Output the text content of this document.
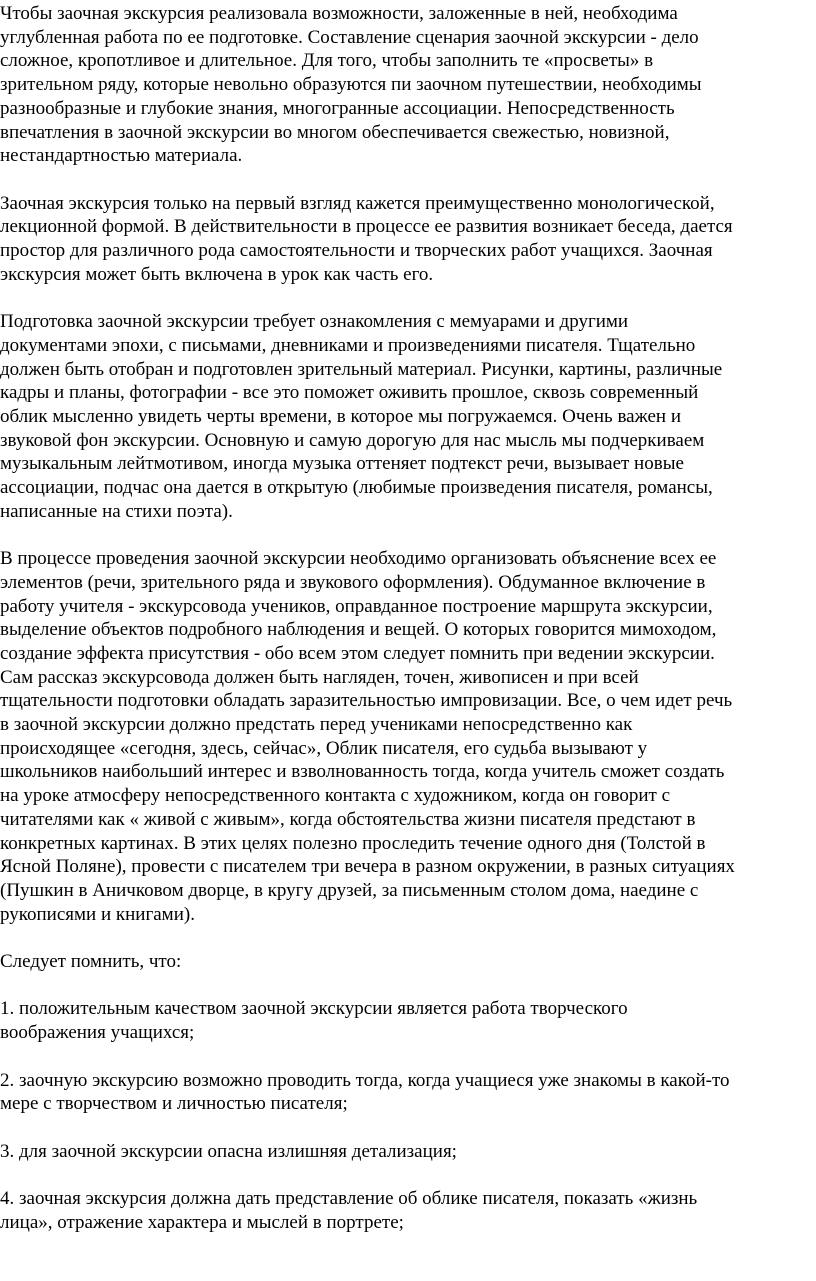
Чтобы заочная экскурсия реализовала возможности, заложенные в ней, необходима
углубленная работа по ее подготовке. Составление сценария заочной экскурсии - дело
сложное, кропотливое и длительное. Для того, чтобы заполнить те «просветы» в
зрительном ряду, которые невольно образуются пи заочном путешествии, необходимы
разнообразные и глубокие знания, многогранные ассоциации. Непосредственность
впечатления в заочной экскурсии во многом обеспечивается свежестью, новизной,
нестандартностью материала.

Заочная экскурсия только на первый взгляд кажется преимущественно монологической,
лекционной формой. В действительности в процессе ее развития возникает беседа, дается
простор для различного рода самостоятельности и творческих работ учащихся. Заочная
экскурсия может быть включена в урок как часть его.

Подготовка заочной экскурсии требует ознакомления с мемуарами и другими
документами эпохи, с письмами, дневниками и произведениями писателя. Тщательно
должен быть отобран и подготовлен зрительный материал. Рисунки, картины, различные
кадры и планы, фотографии - все это поможет оживить прошлое, сквозь современный
облик мысленно увидеть черты времени, в которое мы погружаемся. Очень важен и
звуковой фон экскурсии. Основную и самую дорогую для нас мысль мы подчеркиваем
музыкальным лейтмотивом, иногда музыка оттеняет подтекст речи, вызывает новые
ассоциации, подчас она дается в открытую (любимые произведения писателя, романсы,
написанные на стихи поэта).

В процессе проведения заочной экскурсии необходимо организовать объяснение всех ее
элементов (речи, зрительного ряда и звукового оформления). Обдуманное включение в
работу учителя - экскурсовода учеников, оправданное построение маршрута экскурсии,
выделение объектов подробного наблюдения и вещей. О которых говорится мимоходом,
создание эффекта присутствия - обо всем этом следует помнить при ведении экскурсии.
Сам рассказ экскурсовода должен быть нагляден, точен, живописен и при всей
тщательности подготовки обладать заразительностью импровизации. Все, о чем идет речь
в заочной экскурсии должно предстать перед учениками непосредственно как
происходящее «сегодня, здесь, сейчас», Облик писателя, его судьба вызывают у
школьников наибольший интерес и взволнованность тогда, когда учитель сможет создать
на уроке атмосферу непосредственного контакта с художником, когда он говорит с
читателями как « живой с живым», когда обстоятельства жизни писателя предстают в
конкретных картинах. В этих целях полезно проследить течение одного дня (Толстой в
Ясной Поляне), провести с писателем три вечера в разном окружении, в разных ситуациях
(Пушкин в Аничковом дворце, в кругу друзей, за письменным столом дома, наедине с
рукописями и книгами).

Следует помнить, что:

1. положительным качеством заочной экскурсии является работа творческого
воображения учащихся;

2. заочную экскурсию возможно проводить тогда, когда учащиеся уже знакомы в какой-то
мере с творчеством и личностью писателя;

3. для заочной экскурсии опасна излишняя детализация;

4. заочная экскурсия должна дать представление об облике писателя, показать «жизнь
лица», отражение характера и мыслей в портрете;
